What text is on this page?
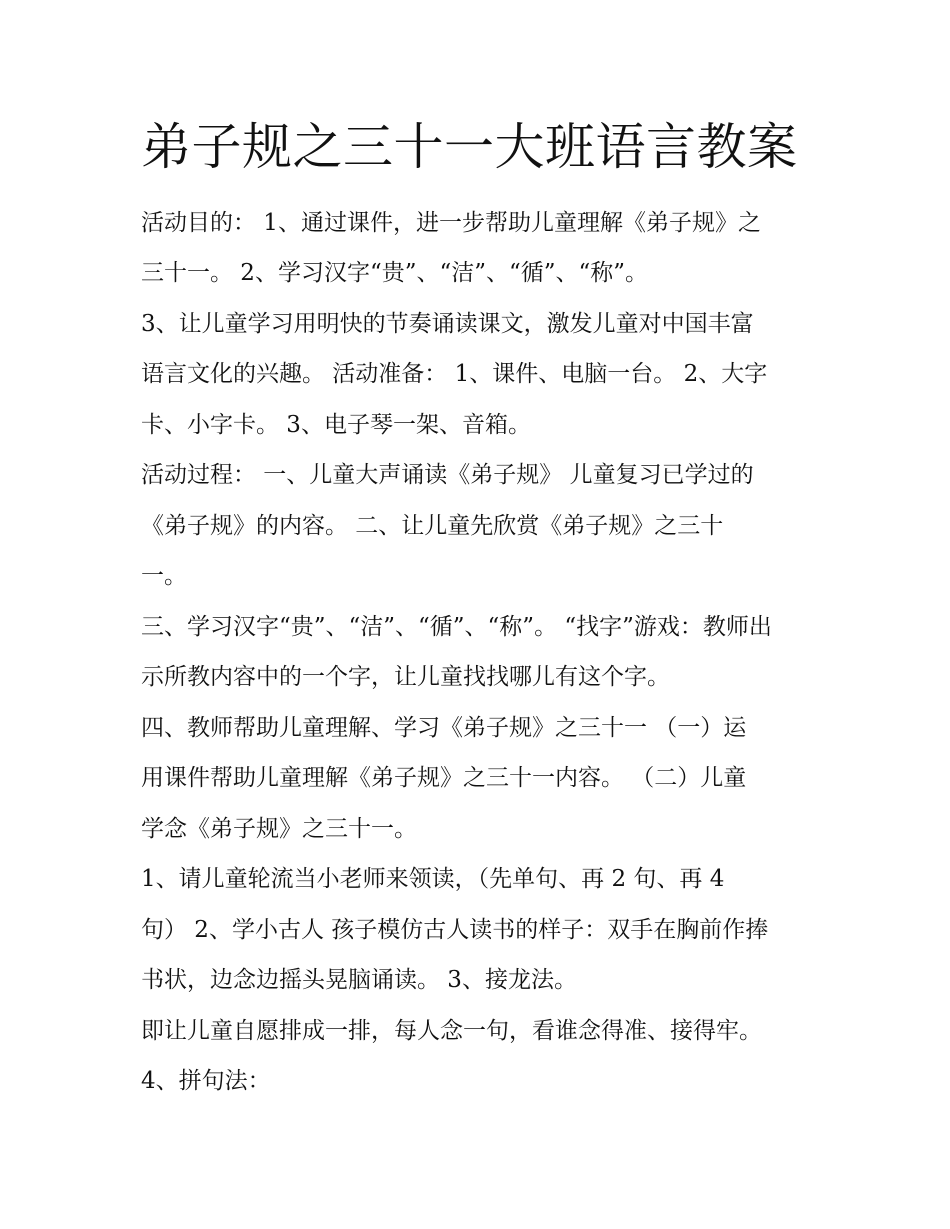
弟子规之三十一大班语言教案
活动目的： 1、通过课件，进一步帮助儿童理解《弟子规》之
三十一。 2、学习汉字“贵”、“洁”、“循”、“称”。
3、让儿童学习用明快的节奏诵读课文，激发儿童对中国丰富
语言文化的兴趣。 活动准备： 1、课件、电脑一台。 2、大字
卡、小字卡。 3、电子琴一架、音箱。
活动过程： 一、儿童大声诵读《弟子规》 儿童复习已学过的
《弟子规》的内容。 二、让儿童先欣赏《弟子规》之三十
一。
三、学习汉字“贵”、“洁”、“循”、“称”。 “找字”游戏：教师出
示所教内容中的一个字，让儿童找找哪儿有这个字。
四、教师帮助儿童理解、学习《弟子规》之三十一 （一）运
用课件帮助儿童理解《弟子规》之三十一内容。 （二）儿童
学念《弟子规》之三十一。
1、请儿童轮流当小老师来领读，（先单句、再 2 句、再 4
句） 2、学小古人 孩子模仿古人读书的样子：双手在胸前作捧
书状，边念边摇头晃脑诵读。 3、接龙法。
即让儿童自愿排成一排，每人念一句，看谁念得准、接得牢。
4、拼句法：
